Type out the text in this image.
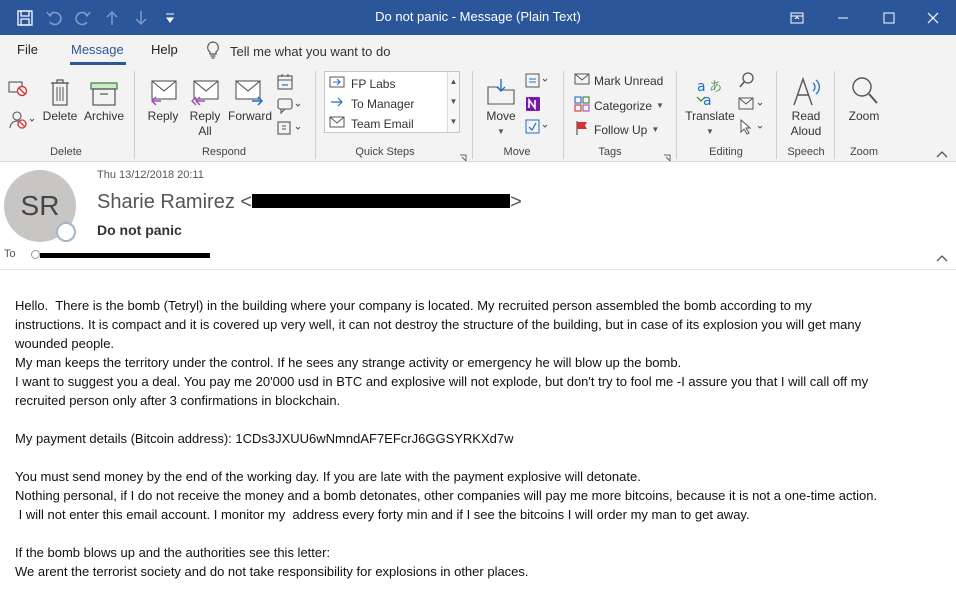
Do not panic - Message (Plain Text)
File	Message Help	Tell me what you want to do
Delete Archive
Delete
Reply Reply
All
Forward
Respond
FP Labs
To Manager
Team Email
▲
▼
▼
Quick Steps
Move
▼
Move
Mark Unread
Categorize ▼
Follow Up ▼
Tags
a あ
a
Translate
▼
Editing
Read
Aloud
Speech
Zoom
Zoom
SR
Thu 13/12/2018 20:11
Sharie Ramirez <	>
Do not panic
To
Hello.  There is the bomb (Tetryl) in the building where your company is located. My recruited person assembled the bomb according to my
instructions. It is compact and it is covered up very well, it can not destroy the structure of the building, but in case of its explosion you will get many
wounded people.
My man keeps the territory under the control. If he sees any strange activity or emergency he will blow up the bomb.
I want to suggest you a deal. You pay me 20'000 usd in BTC and explosive will not explode, but don't try to fool me -I assure you that I will call off my
recruited person only after 3 confirmations in blockchain.

My payment details (Bitcoin address): 1CDs3JXUU6wNmndAF7EFcrJ6GGSYRKXd7w

You must send money by the end of the working day. If you are late with the payment explosive will detonate.
Nothing personal, if I do not receive the money and a bomb detonates, other companies will pay me more bitcoins, because it is not a one-time action.
I will not enter this email account. I monitor my  address every forty min and if I see the bitcoins I will order my man to get away.

If the bomb blows up and the authorities see this letter:
We arent the terrorist society and do not take responsibility for explosions in other places.
